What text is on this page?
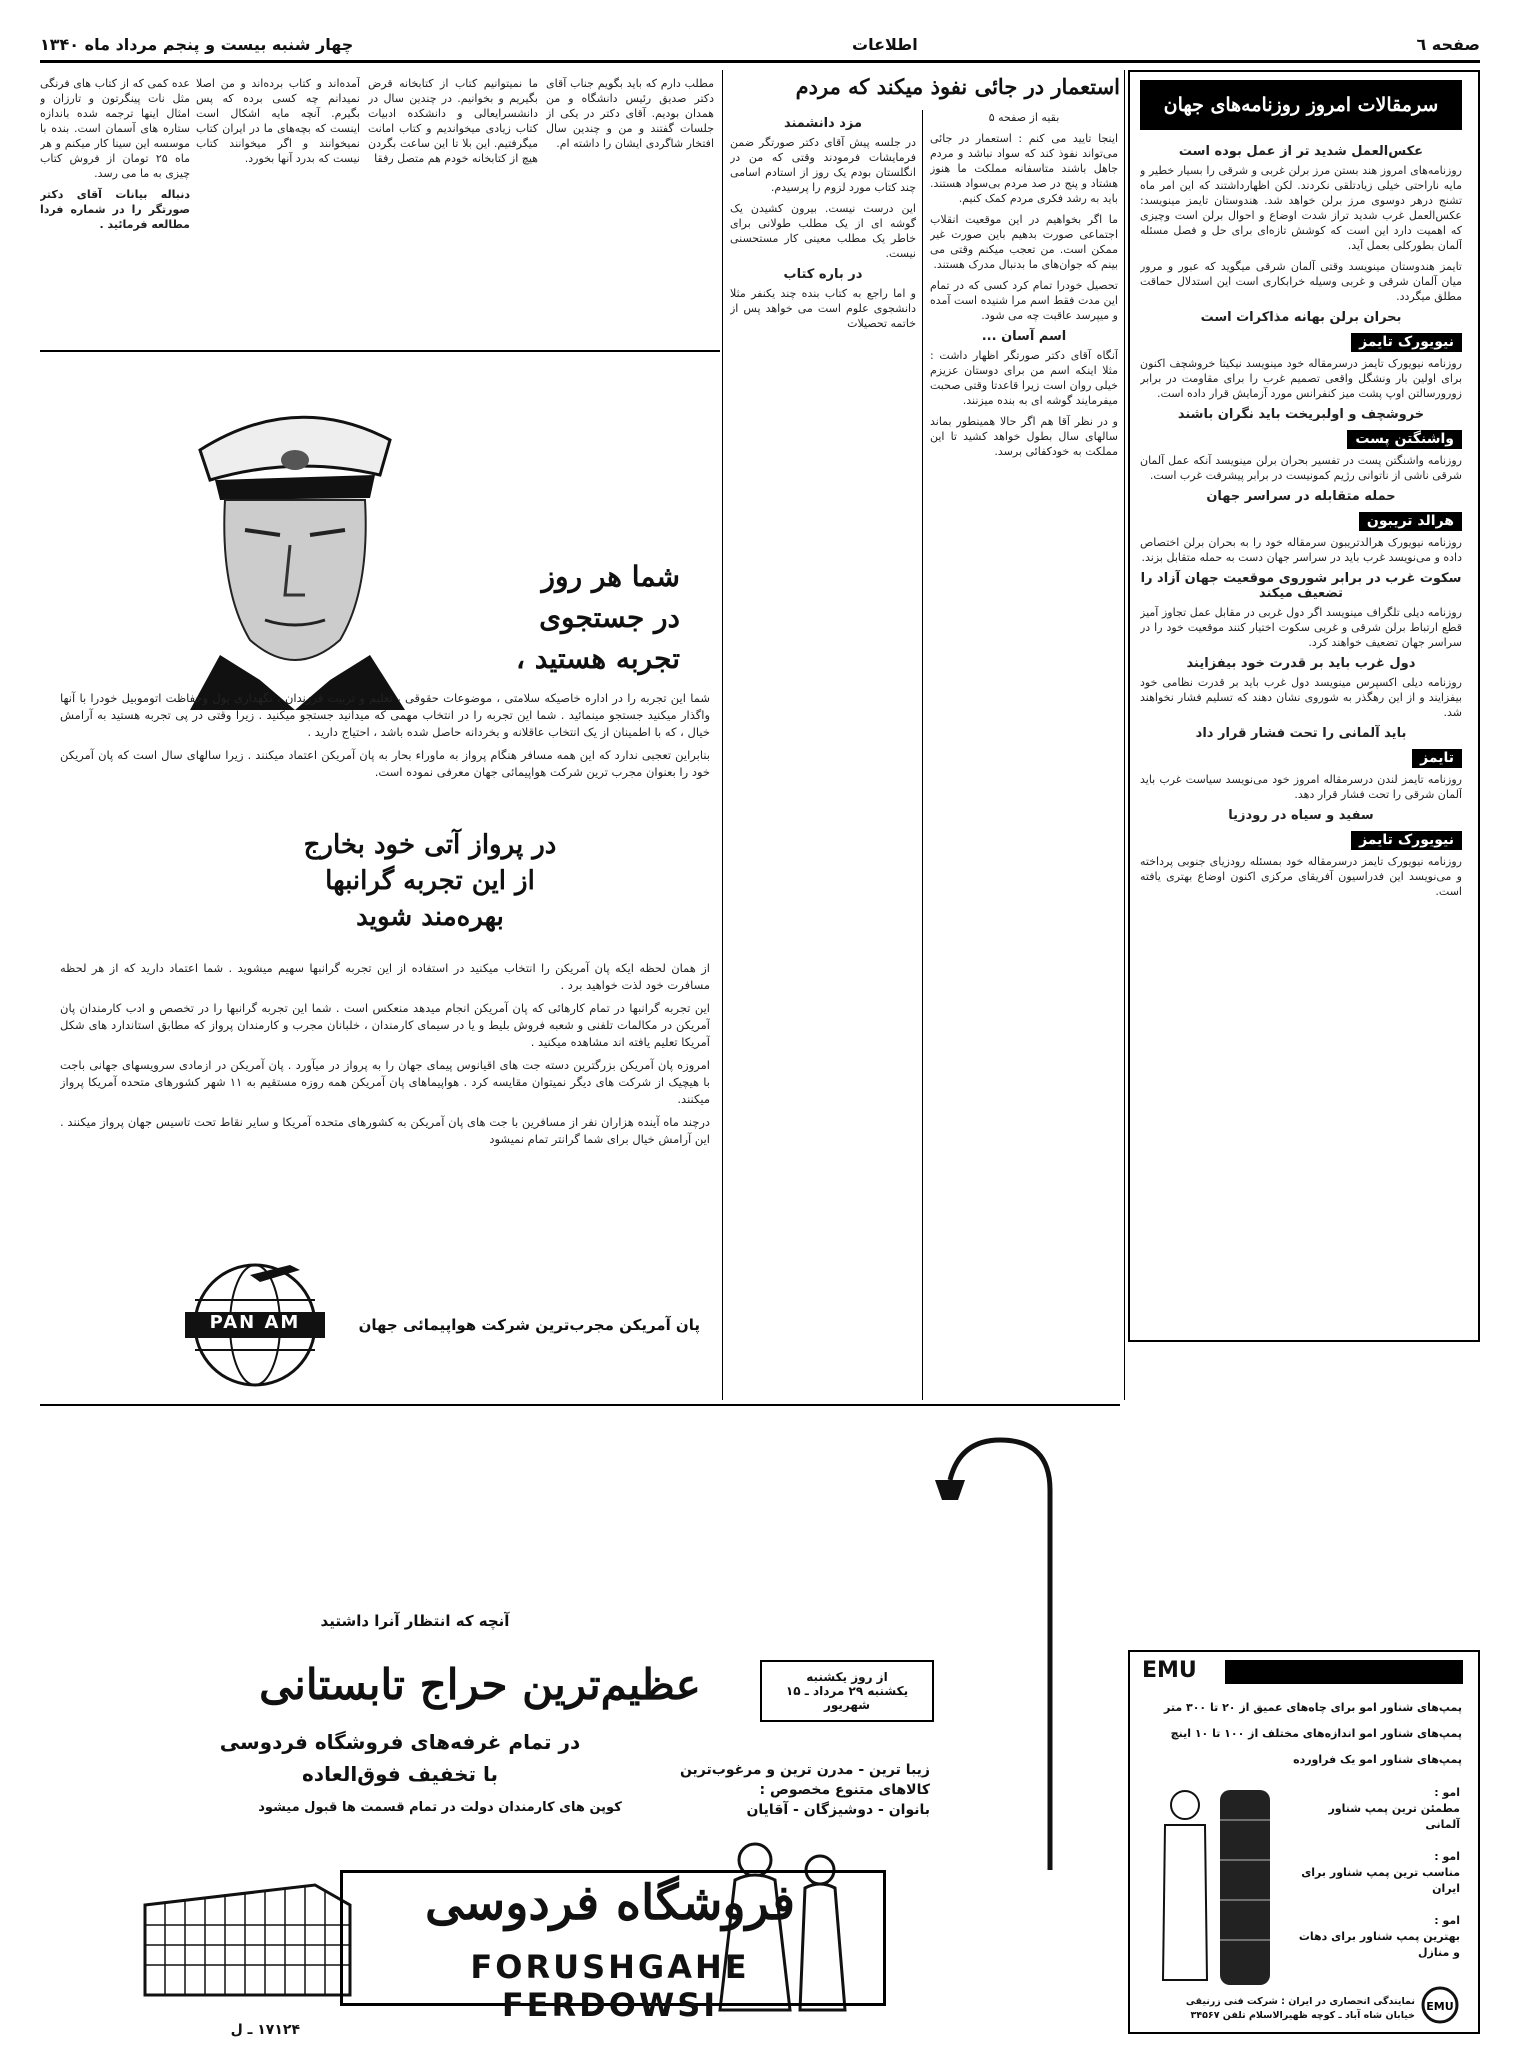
چهار شنبه بیست و پنجم مرداد ماه ۱۳۴۰	اطلاعات	صفحه ٦
سرمقالات امروز روزنامه‌های جهان
عکس‌العمل شدید تر از عمل بوده است

روزنامه‌های امروز هند بستن مرز برلن غربی و شرقی را بسیار خطیر و مایه ناراحتی خیلی زیادتلقی نکردند. لکن اظهارداشتند که این امر ماه تشنج درهر دوسوی مرز برلن خواهد شد. هندوستان تایمز مینویسد: عکس‌العمل غرب شدید تراز شدت اوضاع و احوال برلن است وچیزی که اهمیت دارد این است که کوشش تازه‌ای برای حل و فصل مسئله آلمان بطورکلی بعمل آید.

تایمز هندوستان مینویسد وقتی آلمان شرقی میگوید که عبور و مرور میان آلمان شرقی و غربی وسیله خرابکاری است این استدلال حماقت مطلق میگردد.

بحران برلن بهانه مذاکرات است
نیویورک تایمز

روزنامه نیویورک تایمز درسرمقاله خود مینویسد نیکیتا خروشچف اکنون برای اولین بار ونشگل واقعی تصمیم غرب را برای مقاومت در برابر زورورسالتن اوپ پشت میز کنفرانس مورد آزمایش قرار داده است.

خروشچف و اولبریخت باید نگران باشند
واشنگتن پست

روزنامه واشنگتن پست در تفسیر بحران برلن مینویسد آنکه عمل آلمان شرقی ناشی از ناتوانی رژیم کمونیست در برابر پیشرفت غرب است.

حمله متقابله در سراسر جهان
هرالد تریبون

روزنامه نیویورک هرالدتریبون سرمقاله خود را به بحران برلن اختصاص داده و می‌نویسد غرب باید در سراسر جهان دست به حمله متقابل بزند.

سکوت غرب در برابر شوروی موقعیت جهان آزاد را تضعیف میکند

روزنامه دیلی تلگراف مینویسد اگر دول غربی در مقابل عمل تجاوز آمیز قطع ارتباط برلن شرقی و غربی سکوت اختیار کنند موقعیت خود را در سراسر جهان تضعیف خواهند کرد.

دول غرب باید بر قدرت خود بیفزایند

روزنامه دیلی اکسپرس مینویسد دول غرب باید بر قدرت نظامی خود بیفزایند و از این رهگذر به شوروی نشان دهند که تسلیم فشار نخواهند شد.

باید آلمانی را تحت فشار قرار داد
تایمز

روزنامه تایمز لندن درسرمقاله امروز خود می‌نویسد سیاست غرب باید آلمان شرقی را تحت فشار قرار دهد.

سفید و سیاه در رودزیا
نیویورک تایمز

روزنامه نیویورک تایمز درسرمقاله خود بمسئله رودزیای جنوبی پرداخته و می‌نویسد این فدراسیون آفریقای مرکزی اکنون اوضاع بهتری یافته است.

استعمار در جائی نفوذ میکند که مردم

بقیه از صفحه ۵

اینجا تایید می کنم : استعمار در جائی می‌تواند نفوذ کند که سواد نباشد و مردم جاهل باشند متاسفانه مملکت ما هنوز هشتاد و پنج در صد مردم بی‌سواد هستند. باید به رشد فکری مردم کمک کنیم.

ما اگر بخواهیم در این موقعیت انقلاب اجتماعی صورت بدهیم باین صورت غیر ممکن است. من تعجب میکنم وقتی می بینم که جوان‌های ما بدنبال مدرک هستند.

تحصیل خودرا تمام کرد کسی که در تمام این مدت فقط اسم مرا شنیده است آمده و میپرسد عاقبت چه می شود.

اسم آسان ...

آنگاه آقای دکتر صورتگر اظهار داشت : مثلا اینکه اسم من برای دوستان عزیزم خیلی روان است زیرا قاعدتا وقتی صحبت میفرمایند گوشه ای به بنده میزنند.

و در نظر آقا هم اگر حالا همینطور بماند سالهای سال بطول خواهد کشید تا این مملکت به خودکفائی برسد.

مزد دانشمند

در جلسه پیش آقای دکتر صورتگر ضمن فرمایشات فرمودند وقتی که من در انگلستان بودم یک روز از استادم اسامی چند کتاب مورد لزوم را پرسیدم.

این درست نیست. بیرون کشیدن یک گوشه ای از یک مطلب طولانی برای خاطر یک مطلب معینی کار مستحسنی نیست.

در باره کتاب

و اما راجع به کتاب بنده چند یکنفر مثلا دانشجوی علوم است می خواهد پس از خاتمه تحصیلات

مطلب دارم که باید بگویم جناب آقای دکتر صدیق رئیس دانشگاه و من همدان بودیم. آقای دکتر در یکی از جلسات گفتند و من و چندین سال افتخار شاگردی ایشان را داشته ام.

ما نمیتوانیم کتاب از کتابخانه قرض بگیریم و بخوانیم. در چندین سال در دانشسرایعالی و دانشکده ادبیات کتاب زیادی میخواندیم و کتاب امانت میگرفتیم. این بلا تا این ساعت بگردن هیچ از کتابخانه خودم هم متصل رفقا

آمده‌اند و کتاب برده‌اند و من اصلا نمیدانم چه کسی برده که پس بگیرم. آنچه مایه اشکال است اینست که بچه‌های ما در ایران کتاب نمیخوانند و اگر میخوانند کتاب نیست که بدرد آنها بخورد.

عده کمی که از کتاب های فرنگی مثل نات پینگرتون و تارزان و امثال اینها ترجمه شده باندازه ستاره های آسمان است. بنده با موسسه این سینا کار میکنم و هر ماه ۲۵ تومان از فروش کتاب چیزی به ما می رسد.

دنباله بیانات آقای دکتر صورتگر را در شماره فردا مطالعه فرمائید .

شما هر روز
در جستجوی
تجربه هستید ،

شما این تجربه را در اداره خاصیکه سلامتی ، موضوعات حقوقی ، تعلیم و تربیت فرزندان ، نگهداری پول وحفاظت اتوموبیل خودرا با آنها واگذار میکنید جستجو مینمائید . شما این تجربه را در انتخاب مهمی که میدانید جستجو میکنید . زیرا وقتی در پی تجربه هستید به آرامش خیال ، که با اطمینان از یک انتخاب عاقلانه و بخردانه حاصل شده باشد ، احتیاج دارید .

بنابراین تعجبی ندارد که این همه مسافر هنگام پرواز به ماوراء بحار به پان آمریکن اعتماد میکنند . زیرا سالهای سال است که پان آمریکن خود را بعنوان مجرب ترین شرکت هواپیمائی جهان معرفی نموده است.

در پرواز آتی خود بخارج
از این تجربه گرانبها
بهره‌مند شوید

از همان لحظه ایکه پان آمریکن را انتخاب میکنید در استفاده از این تجربه گرانبها سهیم میشوید . شما اعتماد دارید که از هر لحظه مسافرت خود لذت خواهید برد .

این تجربه گرانبها در تمام کارهائی که پان آمریکن انجام میدهد منعکس است . شما این تجربه گرانبها را در تخصص و ادب کارمندان پان آمریکن در مکالمات تلفنی و شعبه فروش بلیط و یا در سیمای کارمندان ، خلبانان مجرب و کارمندان پرواز که مطابق استاندارد های شکل آمریکا تعلیم یافته اند مشاهده میکنید .

امروزه پان آمریکن بزرگترین دسته جت های اقیانوس پیمای جهان را به پرواز در میآورد . پان آمریکن در ازمادی سرویسهای جهانی باجت با هیچیک از شرکت های دیگر نمیتوان مقایسه کرد . هواپیماهای پان آمریکن همه روزه مستقیم به ۱۱ شهر کشورهای متحده آمریکا پرواز میکنند.

درچند ماه آینده هزاران نفر از مسافرین با جت های پان آمریکن به کشورهای متحده آمریکا و سایر نقاط تحت تاسیس جهان پرواز میکنند . این آرامش خیال برای شما گرانتر تمام نمیشود

PAN AM	پان آمریکن مجرب‌ترین شرکت هواپیمائی جهان
آنچه که انتظار آنرا داشتید
از روز یکشنبه
یکشنبه ۲۹ مرداد ـ ۱۵ شهریور
عظیم‌ترین حراج تابستانی
در تمام غرفه‌های فروشگاه فردوسی
با تخفیف فوق‌العاده
کوپن های کارمندان دولت در تمام قسمت ها قبول میشود
زیبا ترین - مدرن ترین و مرغوب‌ترین
کالاهای متنوع مخصوص :
بانوان - دوشیزگان - آقایان
فروشگاه فردوسی
FORUSHGAHE FERDOWSI
۱۷۱۲۴ ـ ل
EMU
پمپ‌های شناور امو برای چاه‌های عمیق از ۲۰ تا ۳۰۰ متر
پمپ‌های شناور امو اندازه‌های مختلف از ۱۰۰ تا ۱۰ اینچ
پمپ‌های شناور امو یک فراورده
امو :
مطمئن ترین پمپ شناور آلمانی
امو :
مناسب ترین پمپ شناور برای ایران
امو :
بهترین پمپ شناور برای دهات و منازل
EMU
نمایندگی انحصاری در ایران : شرکت فنی زرنیقی
خیابان شاه آباد ـ کوچه ظهیرالاسلام تلفن ۳۴۵۶۷
